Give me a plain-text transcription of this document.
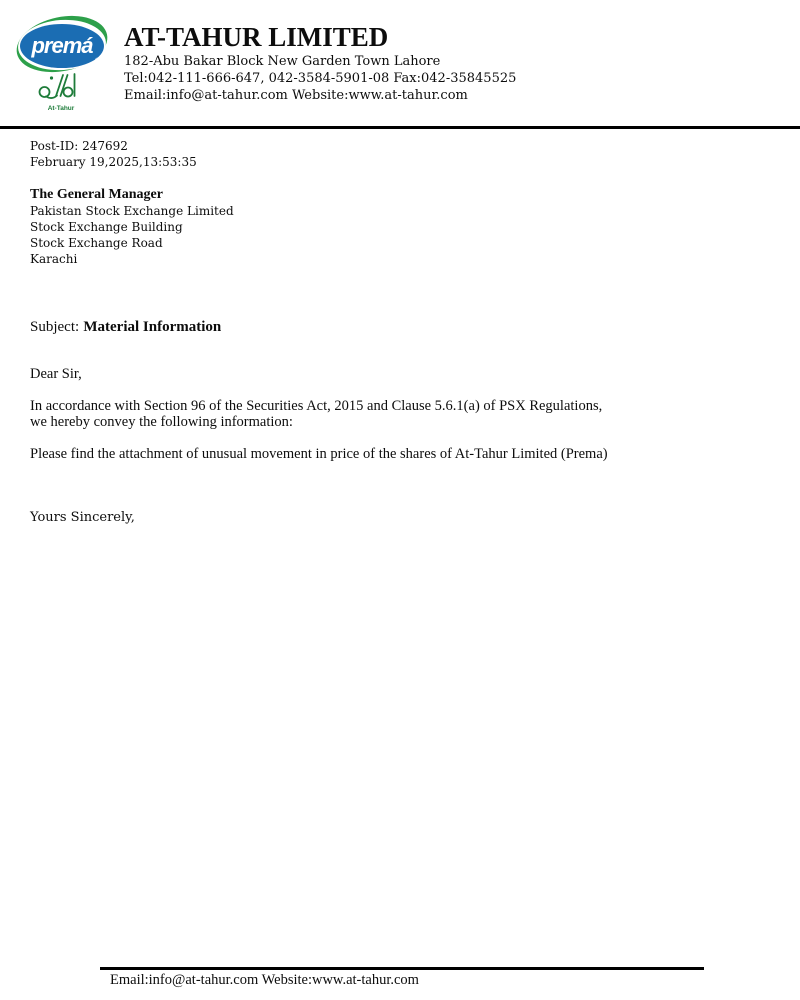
premá
®
At-Tahur
AT-TAHUR LIMITED
182-Abu Bakar Block New Garden Town Lahore
Tel:042-111-666-647, 042-3584-5901-08 Fax:042-35845525
Email:info@at-tahur.com Website:www.at-tahur.com
Post-ID: 247692
February 19,2025,13:53:35
The General Manager
Pakistan Stock Exchange Limited
Stock Exchange Building
Stock Exchange Road
Karachi
Subject: Material Information
Dear Sir,
In accordance with Section 96 of the Securities Act, 2015 and Clause 5.6.1(a) of PSX Regulations,
we hereby convey the following information:
Please find the attachment of unusual movement in price of the shares of At-Tahur Limited (Prema)
Yours Sincerely,
Email:info@at-tahur.com Website:www.at-tahur.com
